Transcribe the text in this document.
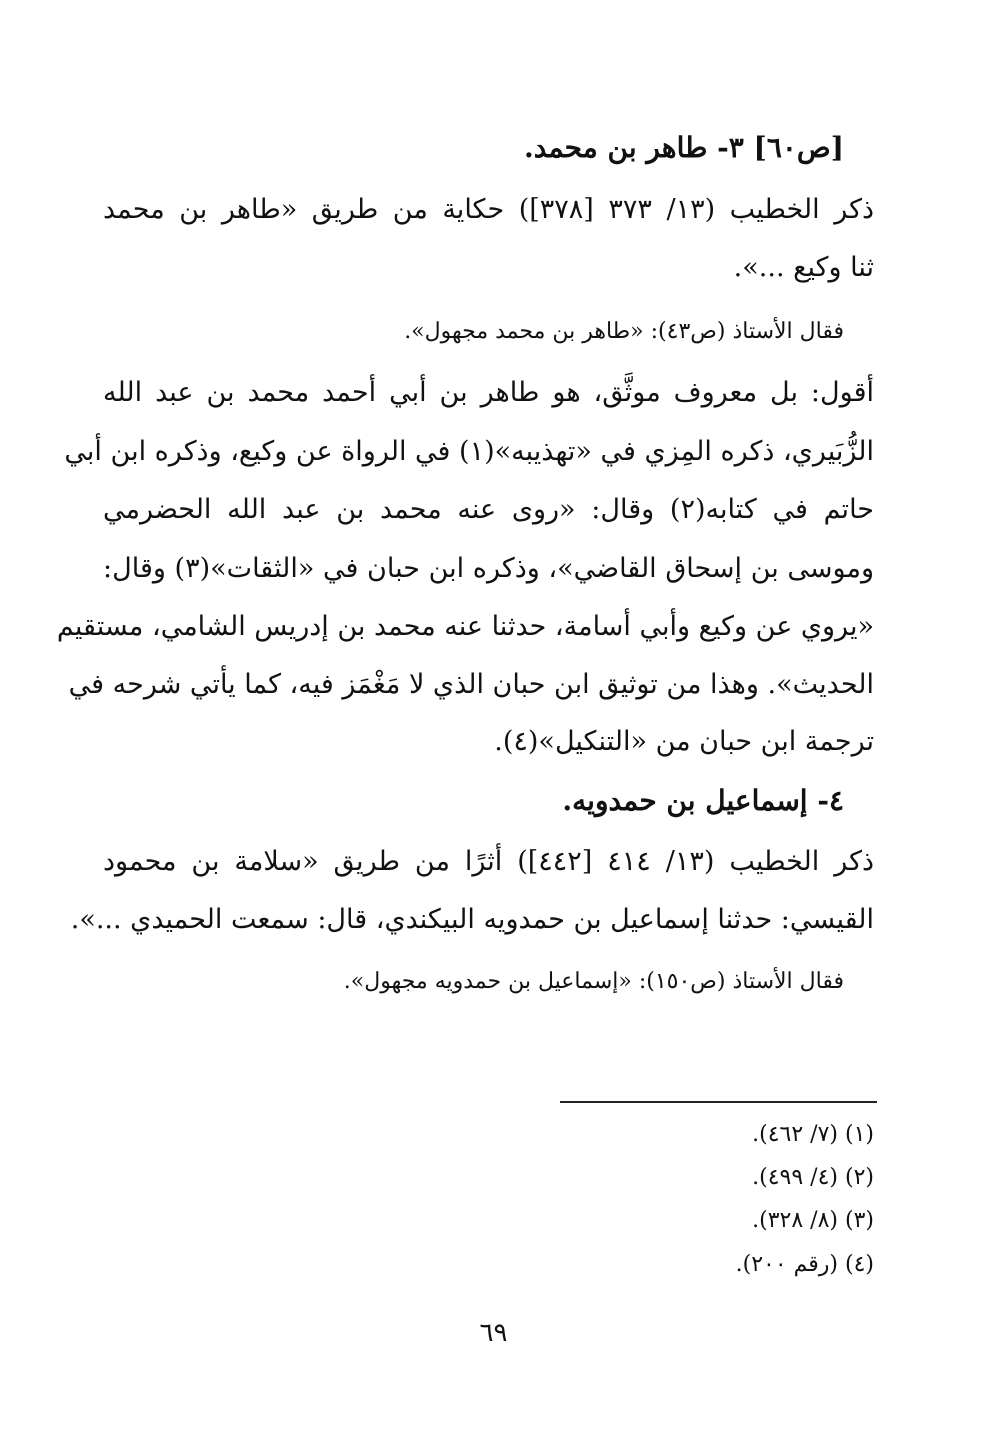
[ص٦٠] ٣- طاهر بن محمد.
ذكر الخطيب (١٣/ ٣٧٣ [٣٧٨]) حكاية من طريق «طاهر بن محمد
ثنا وكيع ...».
فقال الأستاذ (ص٤٣): «طاهر بن محمد مجهول».
أقول: بل معروف موثَّق، هو طاهر بن أبي أحمد محمد بن عبد الله
الزُّبَيري، ذكره المِزي في «تهذيبه»(١) في الرواة عن وكيع، وذكره ابن أبي
حاتم في كتابه(٢) وقال: «روى عنه محمد بن عبد الله الحضرمي
وموسى بن إسحاق القاضي»، وذكره ابن حبان في «الثقات»(٣) وقال:
«يروي عن وكيع وأبي أسامة، حدثنا عنه محمد بن إدريس الشامي، مستقيم
الحديث». وهذا من توثيق ابن حبان الذي لا مَغْمَز فيه، كما يأتي شرحه في
ترجمة ابن حبان من «التنكيل»(٤).
٤- إسماعيل بن حمدويه.
ذكر الخطيب (١٣/ ٤١٤ [٤٤٢]) أثرًا من طريق «سلامة بن محمود
القيسي: حدثنا إسماعيل بن حمدويه البيكندي، قال: سمعت الحميدي ...».
فقال الأستاذ (ص١٥٠): «إسماعيل بن حمدويه مجهول».
(١) (٧/ ٤٦٢).
(٢) (٤/ ٤٩٩).
(٣) (٨/ ٣٢٨).
(٤) (رقم ٢٠٠).
٦٩
